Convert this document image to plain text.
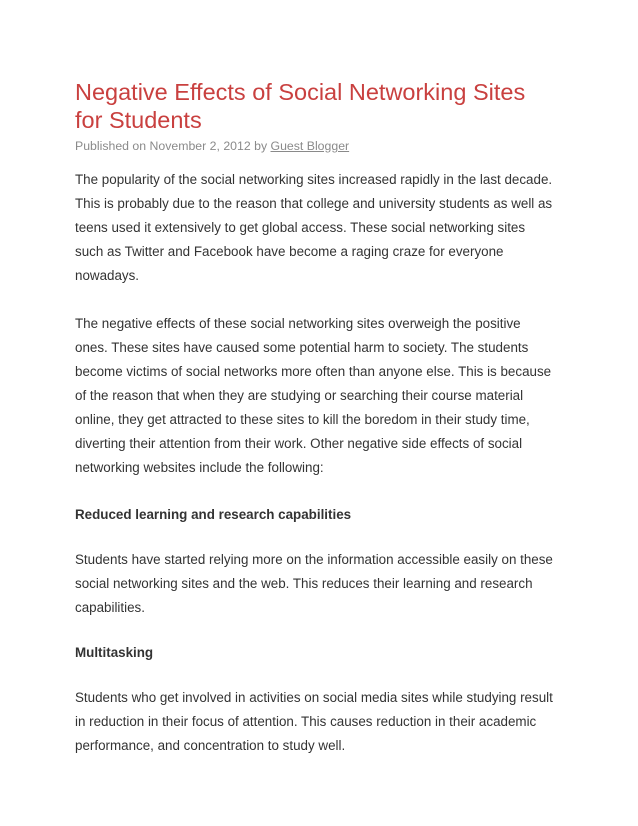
Negative Effects of Social Networking Sites
for Students

Published on November 2, 2012 by Guest Blogger

The popularity of the social networking sites increased rapidly in the last decade.
This is probably due to the reason that college and university students as well as
teens used it extensively to get global access. These social networking sites
such as Twitter and Facebook have become a raging craze for everyone
nowadays.

The negative effects of these social networking sites overweigh the positive
ones. These sites have caused some potential harm to society. The students
become victims of social networks more often than anyone else. This is because
of the reason that when they are studying or searching their course material
online, they get attracted to these sites to kill the boredom in their study time,
diverting their attention from their work. Other negative side effects of social
networking websites include the following:

Reduced learning and research capabilities

Students have started relying more on the information accessible easily on these
social networking sites and the web. This reduces their learning and research
capabilities.

Multitasking

Students who get involved in activities on social media sites while studying result
in reduction in their focus of attention. This causes reduction in their academic
performance, and concentration to study well.
